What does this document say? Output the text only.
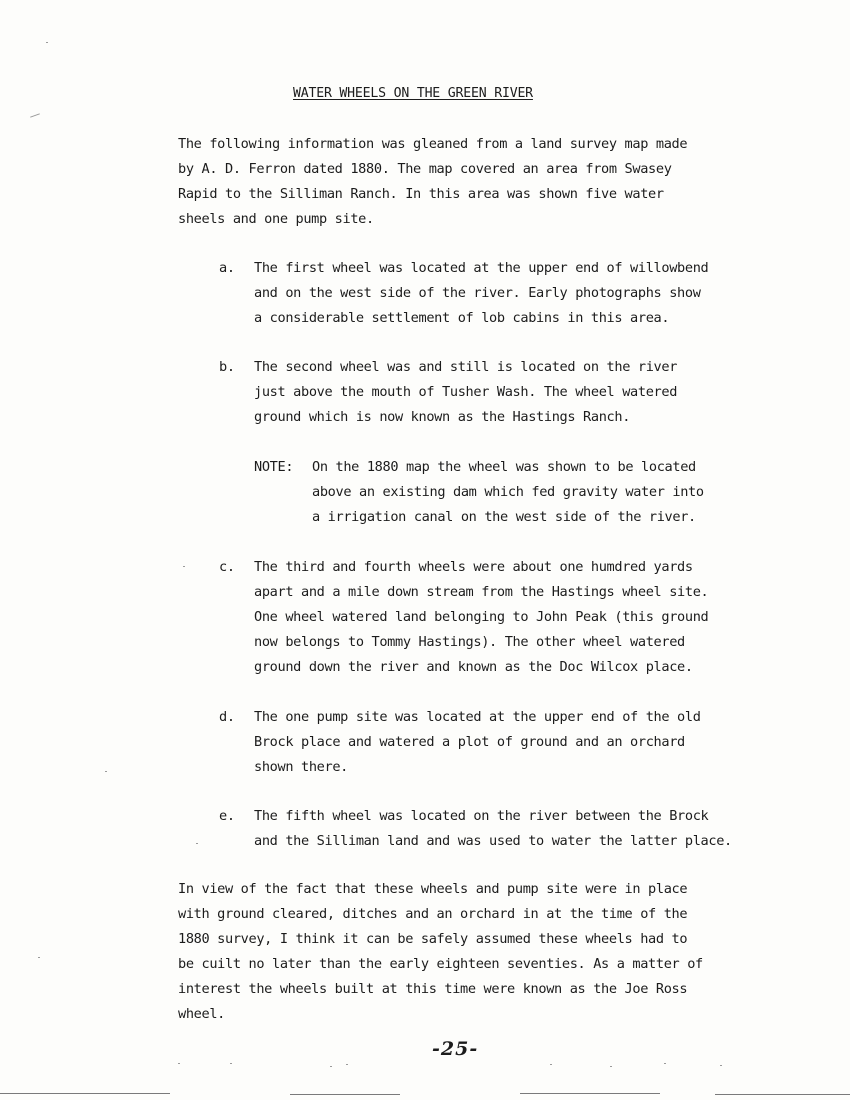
WATER WHEELS ON THE GREEN RIVER

The following information was gleaned from a land survey map made
by A. D. Ferron dated 1880. The map covered an area from Swasey
Rapid to the Silliman Ranch. In this area was shown five water
sheels and one pump site.

a. The first wheel was located at the upper end of willowbend
and on the west side of the river. Early photographs show
a considerable settlement of lob cabins in this area.
b. The second wheel was and still is located on the river
just above the mouth of Tusher Wash. The wheel watered
ground which is now known as the Hastings Ranch.
NOTE: On the 1880 map the wheel was shown to be located
above an existing dam which fed gravity water into
a irrigation canal on the west side of the river.
c. The third and fourth wheels were about one humdred yards
apart and a mile down stream from the Hastings wheel site.
One wheel watered land belonging to John Peak (this ground
now belongs to Tommy Hastings). The other wheel watered
ground down the river and known as the Doc Wilcox place.
d. The one pump site was located at the upper end of the old
Brock place and watered a plot of ground and an orchard
shown there.
e. The fifth wheel was located on the river between the Brock
and the Silliman land and was used to water the latter place.

In view of the fact that these wheels and pump site were in place
with ground cleared, ditches and an orchard in at the time of the
1880 survey, I think it can be safely assumed these wheels had to
be cuilt no later than the early eighteen seventies. As a matter of
interest the wheels built at this time were known as the Joe Ross
wheel.

-25-
